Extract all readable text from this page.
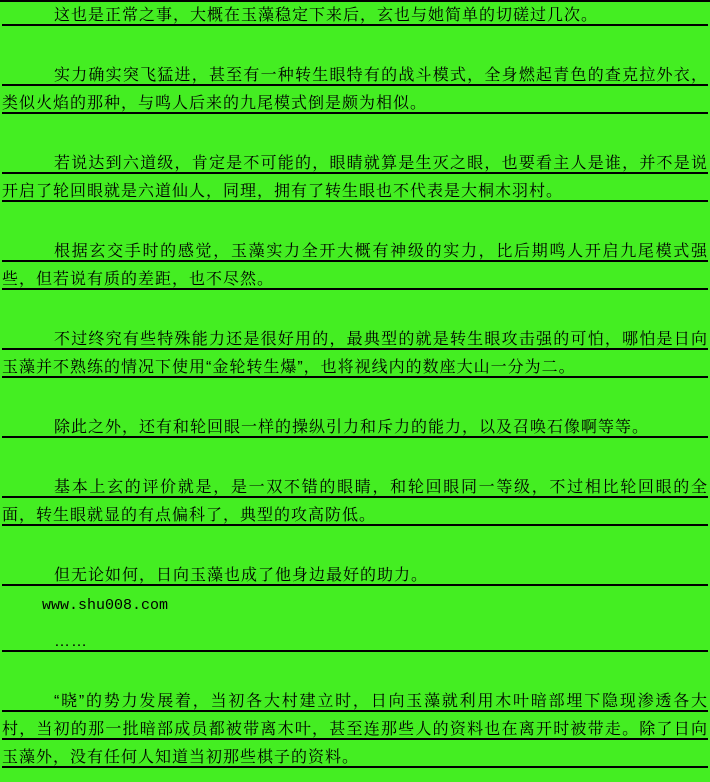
这也是正常之事，大概在玉藻稳定下来后，玄也与她简单的切磋过几次。

实力确实突飞猛进，甚至有一种转生眼特有的战斗模式，全身燃起青色的查克拉外衣，类似火焰的那种，与鸣人后来的九尾模式倒是颇为相似。

若说达到六道级，肯定是不可能的，眼睛就算是生灭之眼，也要看主人是谁，并不是说开启了轮回眼就是六道仙人，同理，拥有了转生眼也不代表是大桐木羽村。

根据玄交手时的感觉，玉藻实力全开大概有神级的实力，比后期鸣人开启九尾模式强些，但若说有质的差距，也不尽然。

不过终究有些特殊能力还是很好用的，最典型的就是转生眼攻击强的可怕，哪怕是日向玉藻并不熟练的情况下使用“金轮转生爆”，也将视线内的数座大山一分为二。

除此之外，还有和轮回眼一样的操纵引力和斥力的能力，以及召唤石像啊等等。

基本上玄的评价就是，是一双不错的眼睛，和轮回眼同一等级，不过相比轮回眼的全面，转生眼就显的有点偏科了，典型的攻高防低。

但无论如何，日向玉藻也成了他身边最好的助力。

www.shu008.com

……

“晓”的势力发展着，当初各大村建立时，日向玉藻就利用木叶暗部埋下隐现渗透各大村，当初的那一批暗部成员都被带离木叶，甚至连那些人的资料也在离开时被带走。除了日向玉藻外，没有任何人知道当初那些棋子的资料。
